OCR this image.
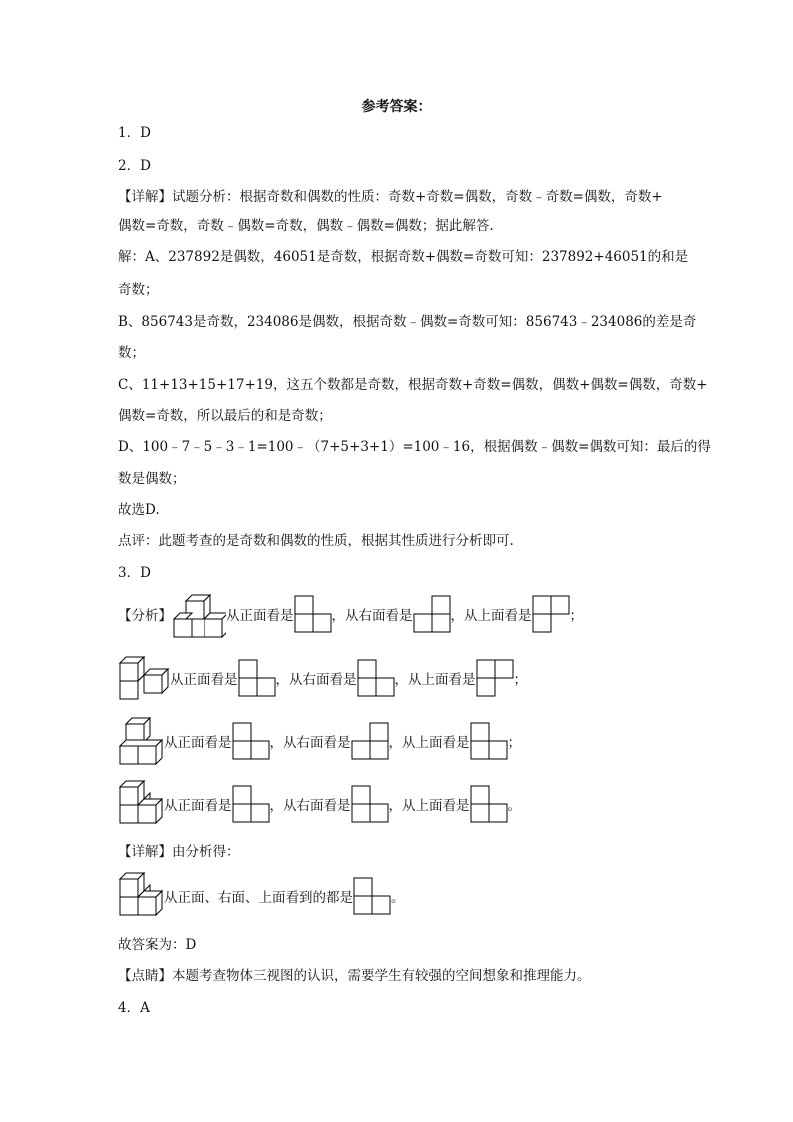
参考答案：
1．D
2．D
【详解】试题分析：根据奇数和偶数的性质：奇数+奇数=偶数，奇数﹣奇数=偶数，奇数+
偶数=奇数，奇数﹣偶数=奇数，偶数﹣偶数=偶数；据此解答.
解：A、237892是偶数，46051是奇数，根据奇数+偶数=奇数可知：237892+46051的和是
奇数；
B、856743是奇数，234086是偶数，根据奇数﹣偶数=奇数可知：856743﹣234086的差是奇
数；
C、11+13+15+17+19，这五个数都是奇数，根据奇数+奇数=偶数，偶数+偶数=偶数，奇数+
偶数=奇数，所以最后的和是奇数；
D、100﹣7﹣5﹣3﹣1=100﹣（7+5+3+1）=100﹣16，根据偶数﹣偶数=偶数可知：最后的得
数是偶数；
故选D.
点评：此题考查的是奇数和偶数的性质，根据其性质进行分析即可.
3．D
【分析】	从正面看是	，从右面看是	，从上面看是	；
从正面看是	，从右面看是	，从上面看是	；
从正面看是	，从右面看是	，从上面看是	；
从正面看是	，从右面看是	，从上面看是	。
【详解】由分析得：
从正面、右面、上面看到的都是	。
故答案为：D
【点睛】本题考查物体三视图的认识，需要学生有较强的空间想象和推理能力。
4．A
